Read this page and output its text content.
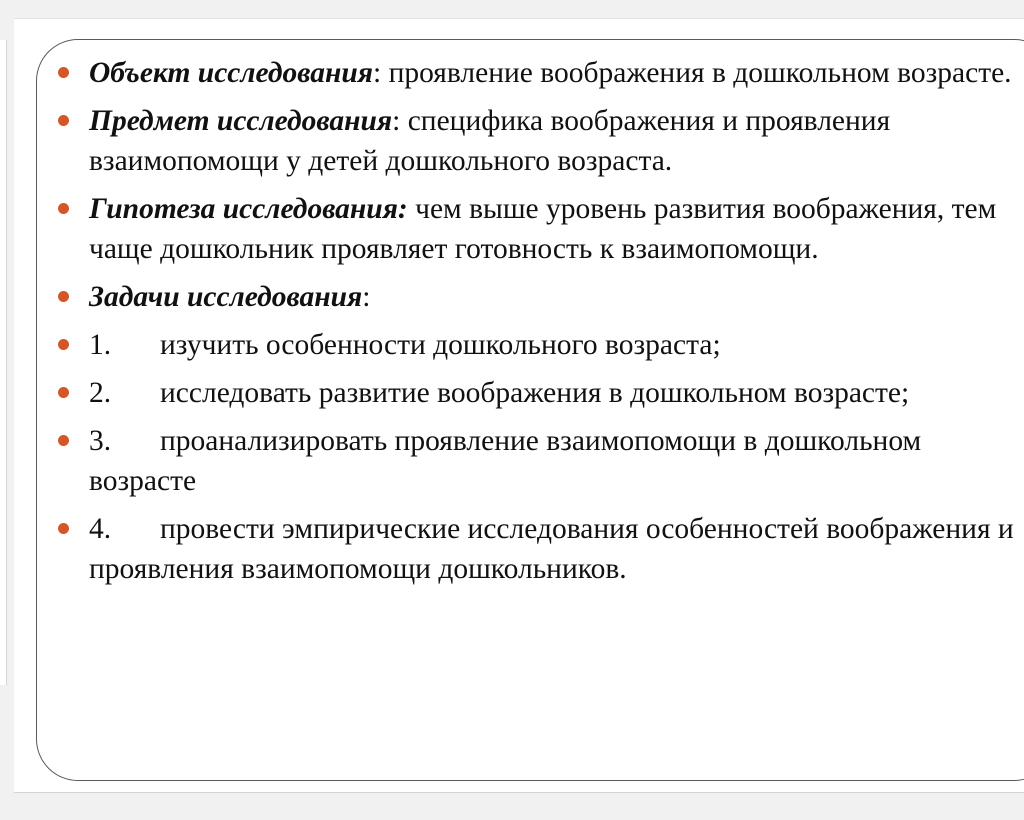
Объект исследования: проявление воображения в дошкольном возрасте.
Предмет исследования: специфика воображения и проявления взаимопомощи у детей дошкольного возраста.
Гипотеза исследования: чем выше уровень развития воображения, тем чаще дошкольник проявляет готовность к взаимопомощи.
Задачи исследования:
1. изучить особенности дошкольного возраста;
2. исследовать развитие воображения в дошкольном возрасте;
3. проанализировать проявление взаимопомощи в дошкольном возрасте
4. провести эмпирические исследования особенностей воображения и проявления взаимопомощи дошкольников.
